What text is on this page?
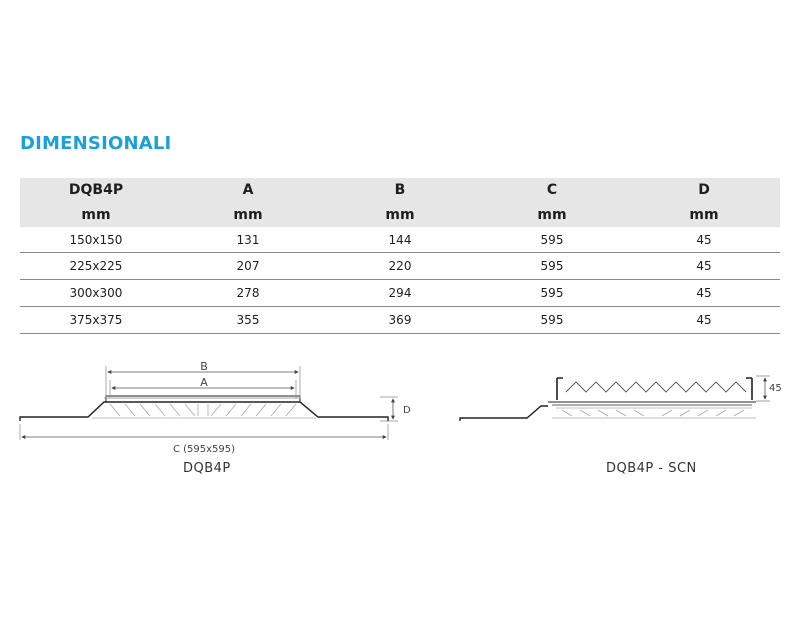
DIMENSIONALI
DQB4P	A	B	C	D
mm	mm	mm	mm	mm
150x150	131	144	595	45
225x225	207	220	595	45
300x300	278	294	595	45
375x375	355	369	595	45
B
A
C (595x595)
D
45
DQB4P	DQB4P - SCN
